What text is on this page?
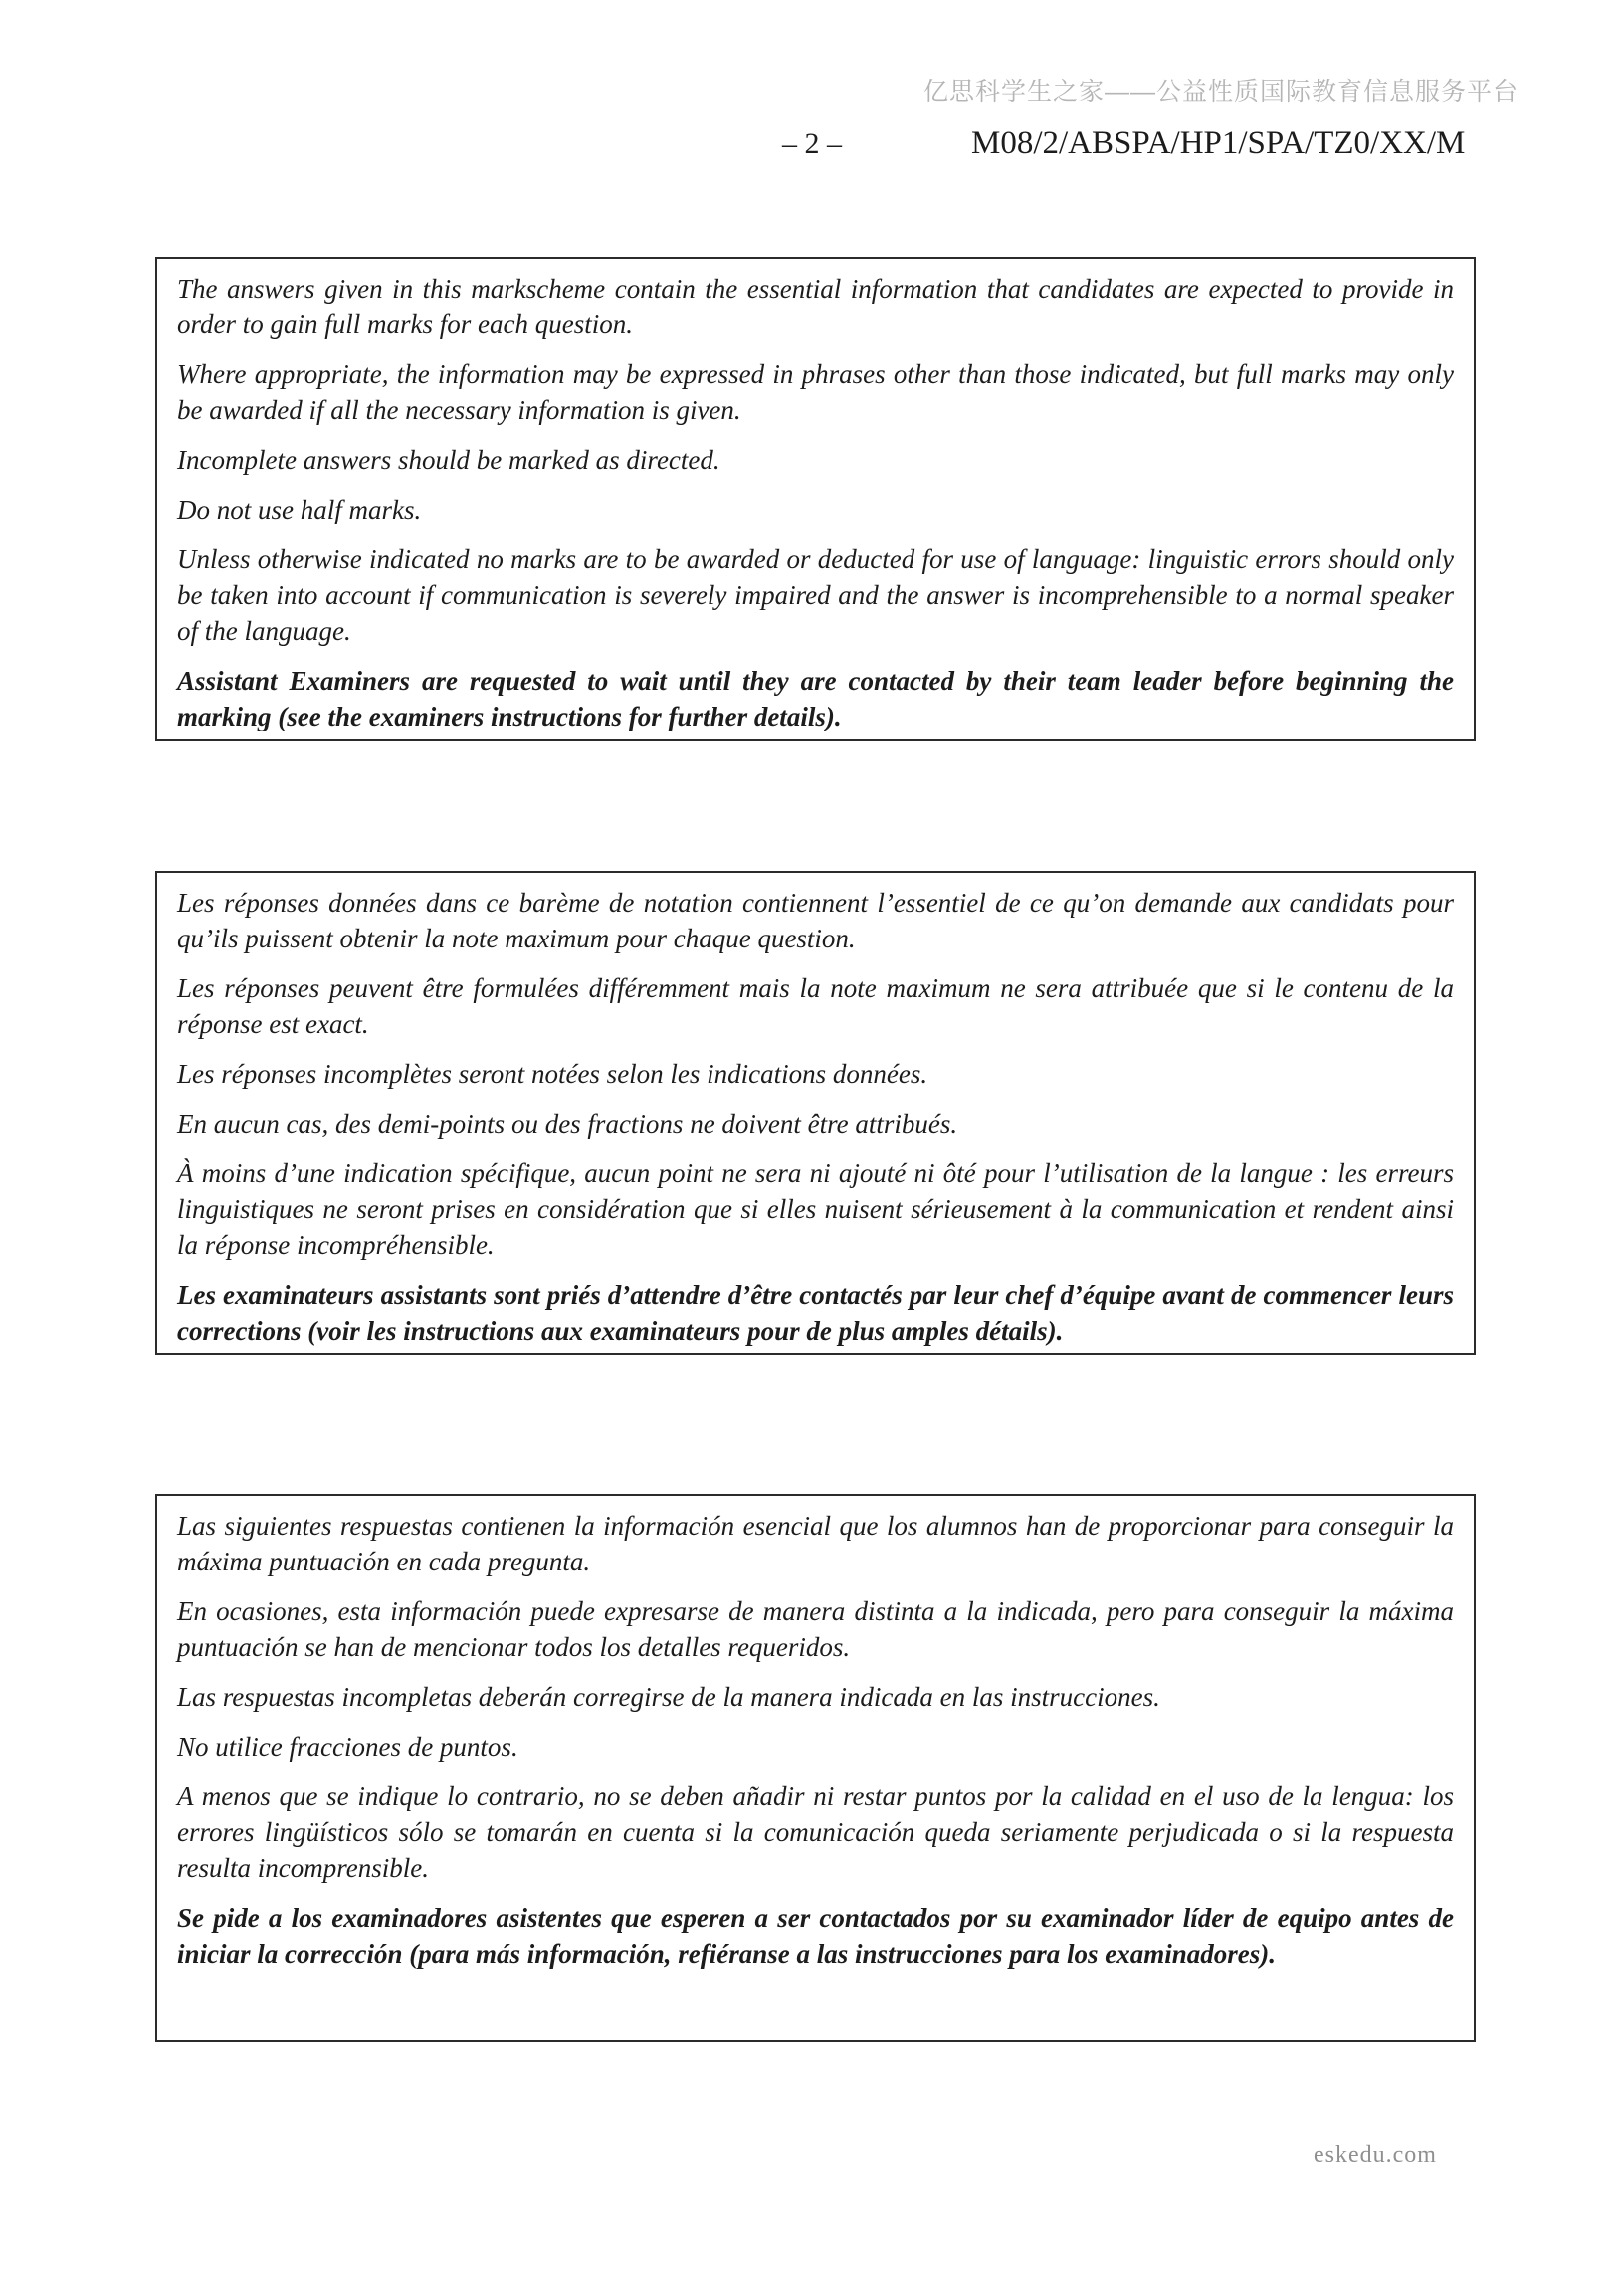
亿思科学生之家——公益性质国际教育信息服务平台
– 2 –	M08/2/ABSPA/HP1/SPA/TZ0/XX/M

The answers given in this markscheme contain the essential information that candidates are expected to provide in order to gain full marks for each question.

Where appropriate, the information may be expressed in phrases other than those indicated, but full marks may only be awarded if all the necessary information is given.

Incomplete answers should be marked as directed.

Do not use half marks.

Unless otherwise indicated no marks are to be awarded or deducted for use of language: linguistic errors should only be taken into account if communication is severely impaired and the answer is incomprehensible to a normal speaker of the language.

Assistant Examiners are requested to wait until they are contacted by their team leader before beginning the marking (see the examiners instructions for further details).

Les réponses données dans ce barème de notation contiennent l’essentiel de ce qu’on demande aux candidats pour qu’ils puissent obtenir la note maximum pour chaque question.

Les réponses peuvent être formulées différemment mais la note maximum ne sera attribuée que si le contenu de la réponse est exact.

Les réponses incomplètes seront notées selon les indications données.

En aucun cas, des demi-points ou des fractions ne doivent être attribués.

À moins d’une indication spécifique, aucun point ne sera ni ajouté ni ôté pour l’utilisation de la langue : les erreurs linguistiques ne seront prises en considération que si elles nuisent sérieusement à la communication et rendent ainsi la réponse incompréhensible.

Les examinateurs assistants sont priés d’attendre d’être contactés par leur chef d’équipe avant de commencer leurs corrections (voir les instructions aux examinateurs pour de plus amples détails).

Las siguientes respuestas contienen la información esencial que los alumnos han de proporcionar para conseguir la máxima puntuación en cada pregunta.

En ocasiones, esta información puede expresarse de manera distinta a la indicada, pero para conseguir la máxima puntuación se han de mencionar todos los detalles requeridos.

Las respuestas incompletas deberán corregirse de la manera indicada en las instrucciones.

No utilice fracciones de puntos.

A menos que se indique lo contrario, no se deben añadir ni restar puntos por la calidad en el uso de la lengua: los errores lingüísticos sólo se tomarán en cuenta si la comunicación queda seriamente perjudicada o si la respuesta resulta incomprensible.

Se pide a los examinadores asistentes que esperen a ser contactados por su examinador líder de equipo antes de iniciar la corrección (para más información, refiéranse a las instrucciones para los examinadores).

eskedu.com
